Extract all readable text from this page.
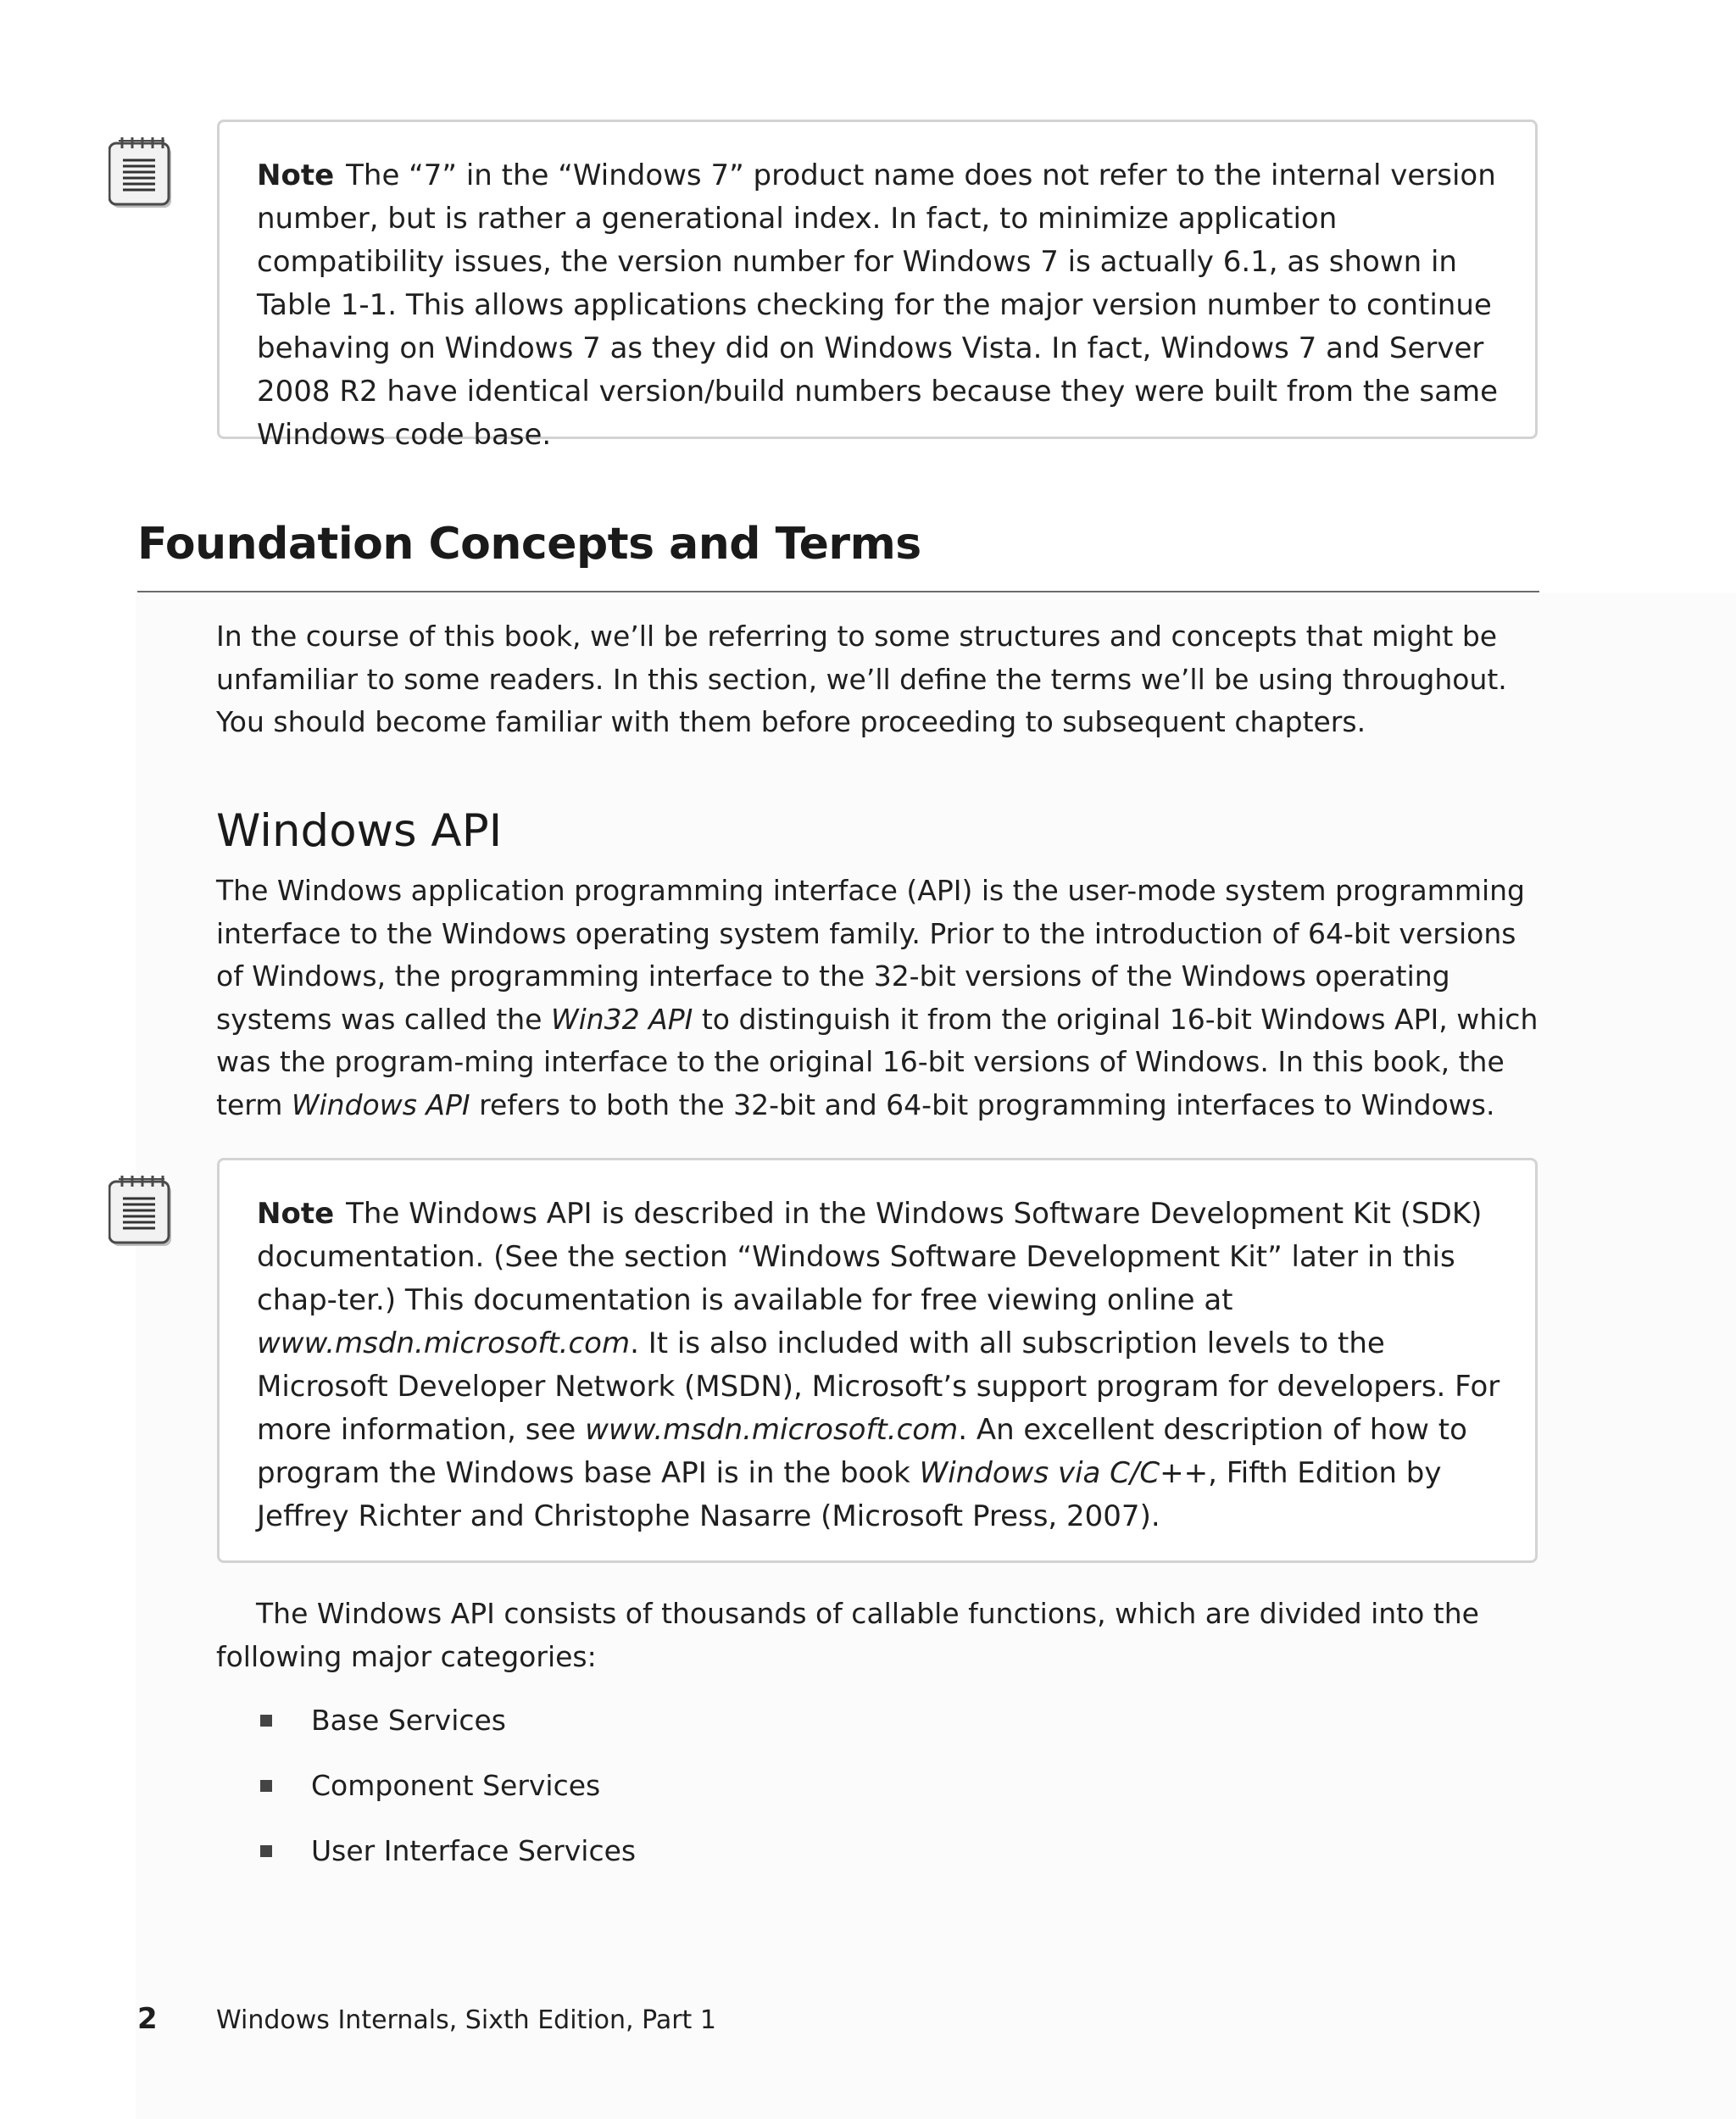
Note The “7” in the “Windows 7” product name does not refer to the internal version number, but is rather a generational index. In fact, to minimize application compatibility issues, the version number for Windows 7 is actually 6.1, as shown in Table 1-1. This allows applications checking for the major version number to continue behaving on Windows 7 as they did on Windows Vista. In fact, Windows 7 and Server 2008 R2 have identical version/build numbers because they were built from the same Windows code base.

Foundation Concepts and Terms

In the course of this book, we’ll be referring to some structures and concepts that might be unfamiliar to some readers. In this section, we’ll define the terms we’ll be using throughout. You should become familiar with them before proceeding to subsequent chapters.

Windows API

The Windows application programming interface (API) is the user-mode system programming interface to the Windows operating system family. Prior to the introduction of 64-bit versions of Windows, the programming interface to the 32-bit versions of the Windows operating systems was called the Win32 API to distinguish it from the original 16-bit Windows API, which was the program-ming interface to the original 16-bit versions of Windows. In this book, the term Windows API refers to both the 32-bit and 64-bit programming interfaces to Windows.

Note The Windows API is described in the Windows Software Development Kit (SDK) documentation. (See the section “Windows Software Development Kit” later in this chap-ter.) This documentation is available for free viewing online at www.msdn.microsoft.com. It is also included with all subscription levels to the Microsoft Developer Network (MSDN), Microsoft’s support program for developers. For more information, see www.msdn.microsoft.com. An excellent description of how to program the Windows base API is in the book Windows via C/C++, Fifth Edition by Jeffrey Richter and Christophe Nasarre (Microsoft Press, 2007).

The Windows API consists of thousands of callable functions, which are divided into the following major categories:

Base Services
Component Services
User Interface Services
2 Windows Internals, Sixth Edition, Part 1
